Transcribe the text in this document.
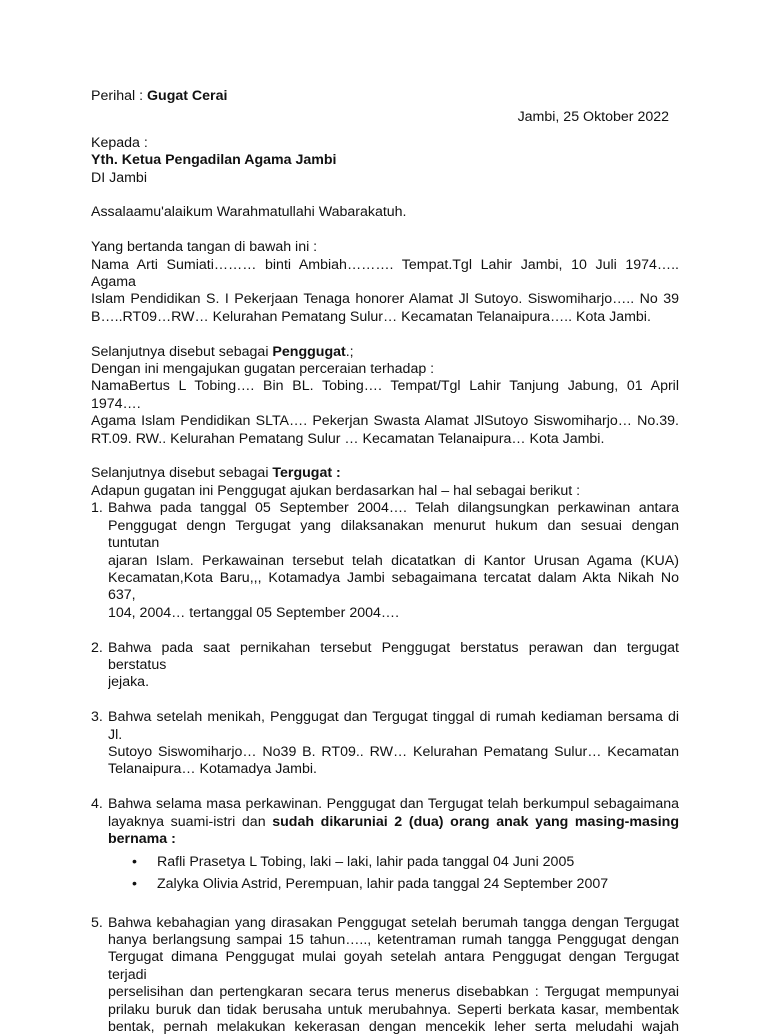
Perihal : Gugat Cerai
Jambi, 25 Oktober 2022
Kepada :
Yth. Ketua Pengadilan Agama Jambi
DI Jambi
Assalaamu'alaikum Warahmatullahi Wabarakatuh.
Yang bertanda tangan di bawah ini :
Nama Arti Sumiati……… binti Ambiah………. Tempat.Tgl Lahir Jambi, 10 Juli 1974….. Agama
Islam Pendidikan S. I Pekerjaan Tenaga honorer Alamat Jl Sutoyo. Siswomiharjo….. No 39
B…..RT09…RW… Kelurahan Pematang Sulur… Kecamatan Telanaipura….. Kota Jambi.
Selanjutnya disebut sebagai Penggugat.;
Dengan ini mengajukan gugatan perceraian terhadap :
NamaBertus L Tobing…. Bin BL. Tobing…. Tempat/Tgl Lahir Tanjung Jabung, 01 April 1974….
Agama Islam Pendidikan SLTA…. Pekerjan Swasta Alamat JlSutoyo Siswomiharjo… No.39.
RT.09. RW.. Kelurahan Pematang Sulur … Kecamatan Telanaipura… Kota Jambi.
Selanjutnya disebut sebagai Tergugat :
Adapun gugatan ini Penggugat ajukan berdasarkan hal – hal sebagai berikut :
1. Bahwa pada tanggal 05 September 2004…. Telah dilangsungkan perkawinan antara
Penggugat dengn Tergugat yang dilaksanakan menurut hukum dan sesuai dengan tuntutan
ajaran Islam. Perkawainan tersebut telah dicatatkan di Kantor Urusan Agama (KUA)
Kecamatan,Kota Baru,,, Kotamadya Jambi sebagaimana tercatat dalam Akta Nikah No 637,
104, 2004… tertanggal 05 September 2004….
2. Bahwa pada saat pernikahan tersebut Penggugat berstatus perawan dan tergugat berstatus
jejaka.
3. Bahwa setelah menikah, Penggugat dan Tergugat tinggal di rumah kediaman bersama di Jl.
Sutoyo Siswomiharjo… No39 B. RT09.. RW… Kelurahan Pematang Sulur… Kecamatan
Telanaipura… Kotamadya Jambi.
4. Bahwa selama masa perkawinan. Penggugat dan Tergugat telah berkumpul sebagaimana
layaknya suami-istri dan sudah dikaruniai 2 (dua) orang anak yang masing-masing
bernama :
• Rafli Prasetya L Tobing, laki – laki, lahir pada tanggal 04 Juni 2005
• Zalyka Olivia Astrid, Perempuan, lahir pada tanggal 24 September 2007
5. Bahwa kebahagian yang dirasakan Penggugat setelah berumah tangga dengan Tergugat
hanya berlangsung sampai 15 tahun….., ketentraman rumah tangga Penggugat dengan
Tergugat dimana Penggugat mulai goyah setelah antara Penggugat dengan Tergugat terjadi
perselisihan dan pertengkaran secara terus menerus disebabkan : Tergugat mempunyai
prilaku buruk dan tidak berusaha untuk merubahnya. Seperti berkata kasar, membentak
bentak, pernah melakukan kekerasan dengan mencekik leher serta meludahi wajah
